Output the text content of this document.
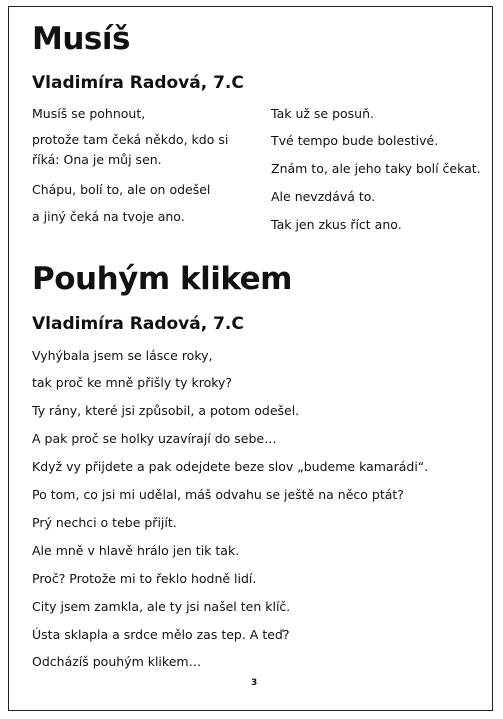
Musíš
Vladimíra Radová, 7.C
Musíš se pohnout,
protože tam čeká někdo, kdo si říká: Ona je můj sen.
Chápu, bolí to, ale on odešel
a jiný čeká na tvoje ano.
Tak už se posuň.
Tvé tempo bude bolestivé.
Znám to, ale jeho taky bolí čekat.
Ale nevzdává to.
Tak jen zkus říct ano.
Pouhým klikem
Vladimíra Radová, 7.C
Vyhýbala jsem se lásce roky,
tak proč ke mně přišly ty kroky?
Ty rány, které jsi způsobil, a potom odešel.
A pak proč se holky uzavírají do sebe…
Když vy přijdete a pak odejdete beze slov „budeme kamarádi“.
Po tom, co jsi mi udělal, máš odvahu se ještě na něco ptát?
Prý nechci o tebe přijít.
Ale mně v hlavě hrálo jen tik tak.
Proč? Protože mi to řeklo hodně lidí.
City jsem zamkla, ale ty jsi našel ten klíč.
Ústa sklapla a srdce mělo zas tep. A teď?
Odcházíš pouhým klikem…
3
